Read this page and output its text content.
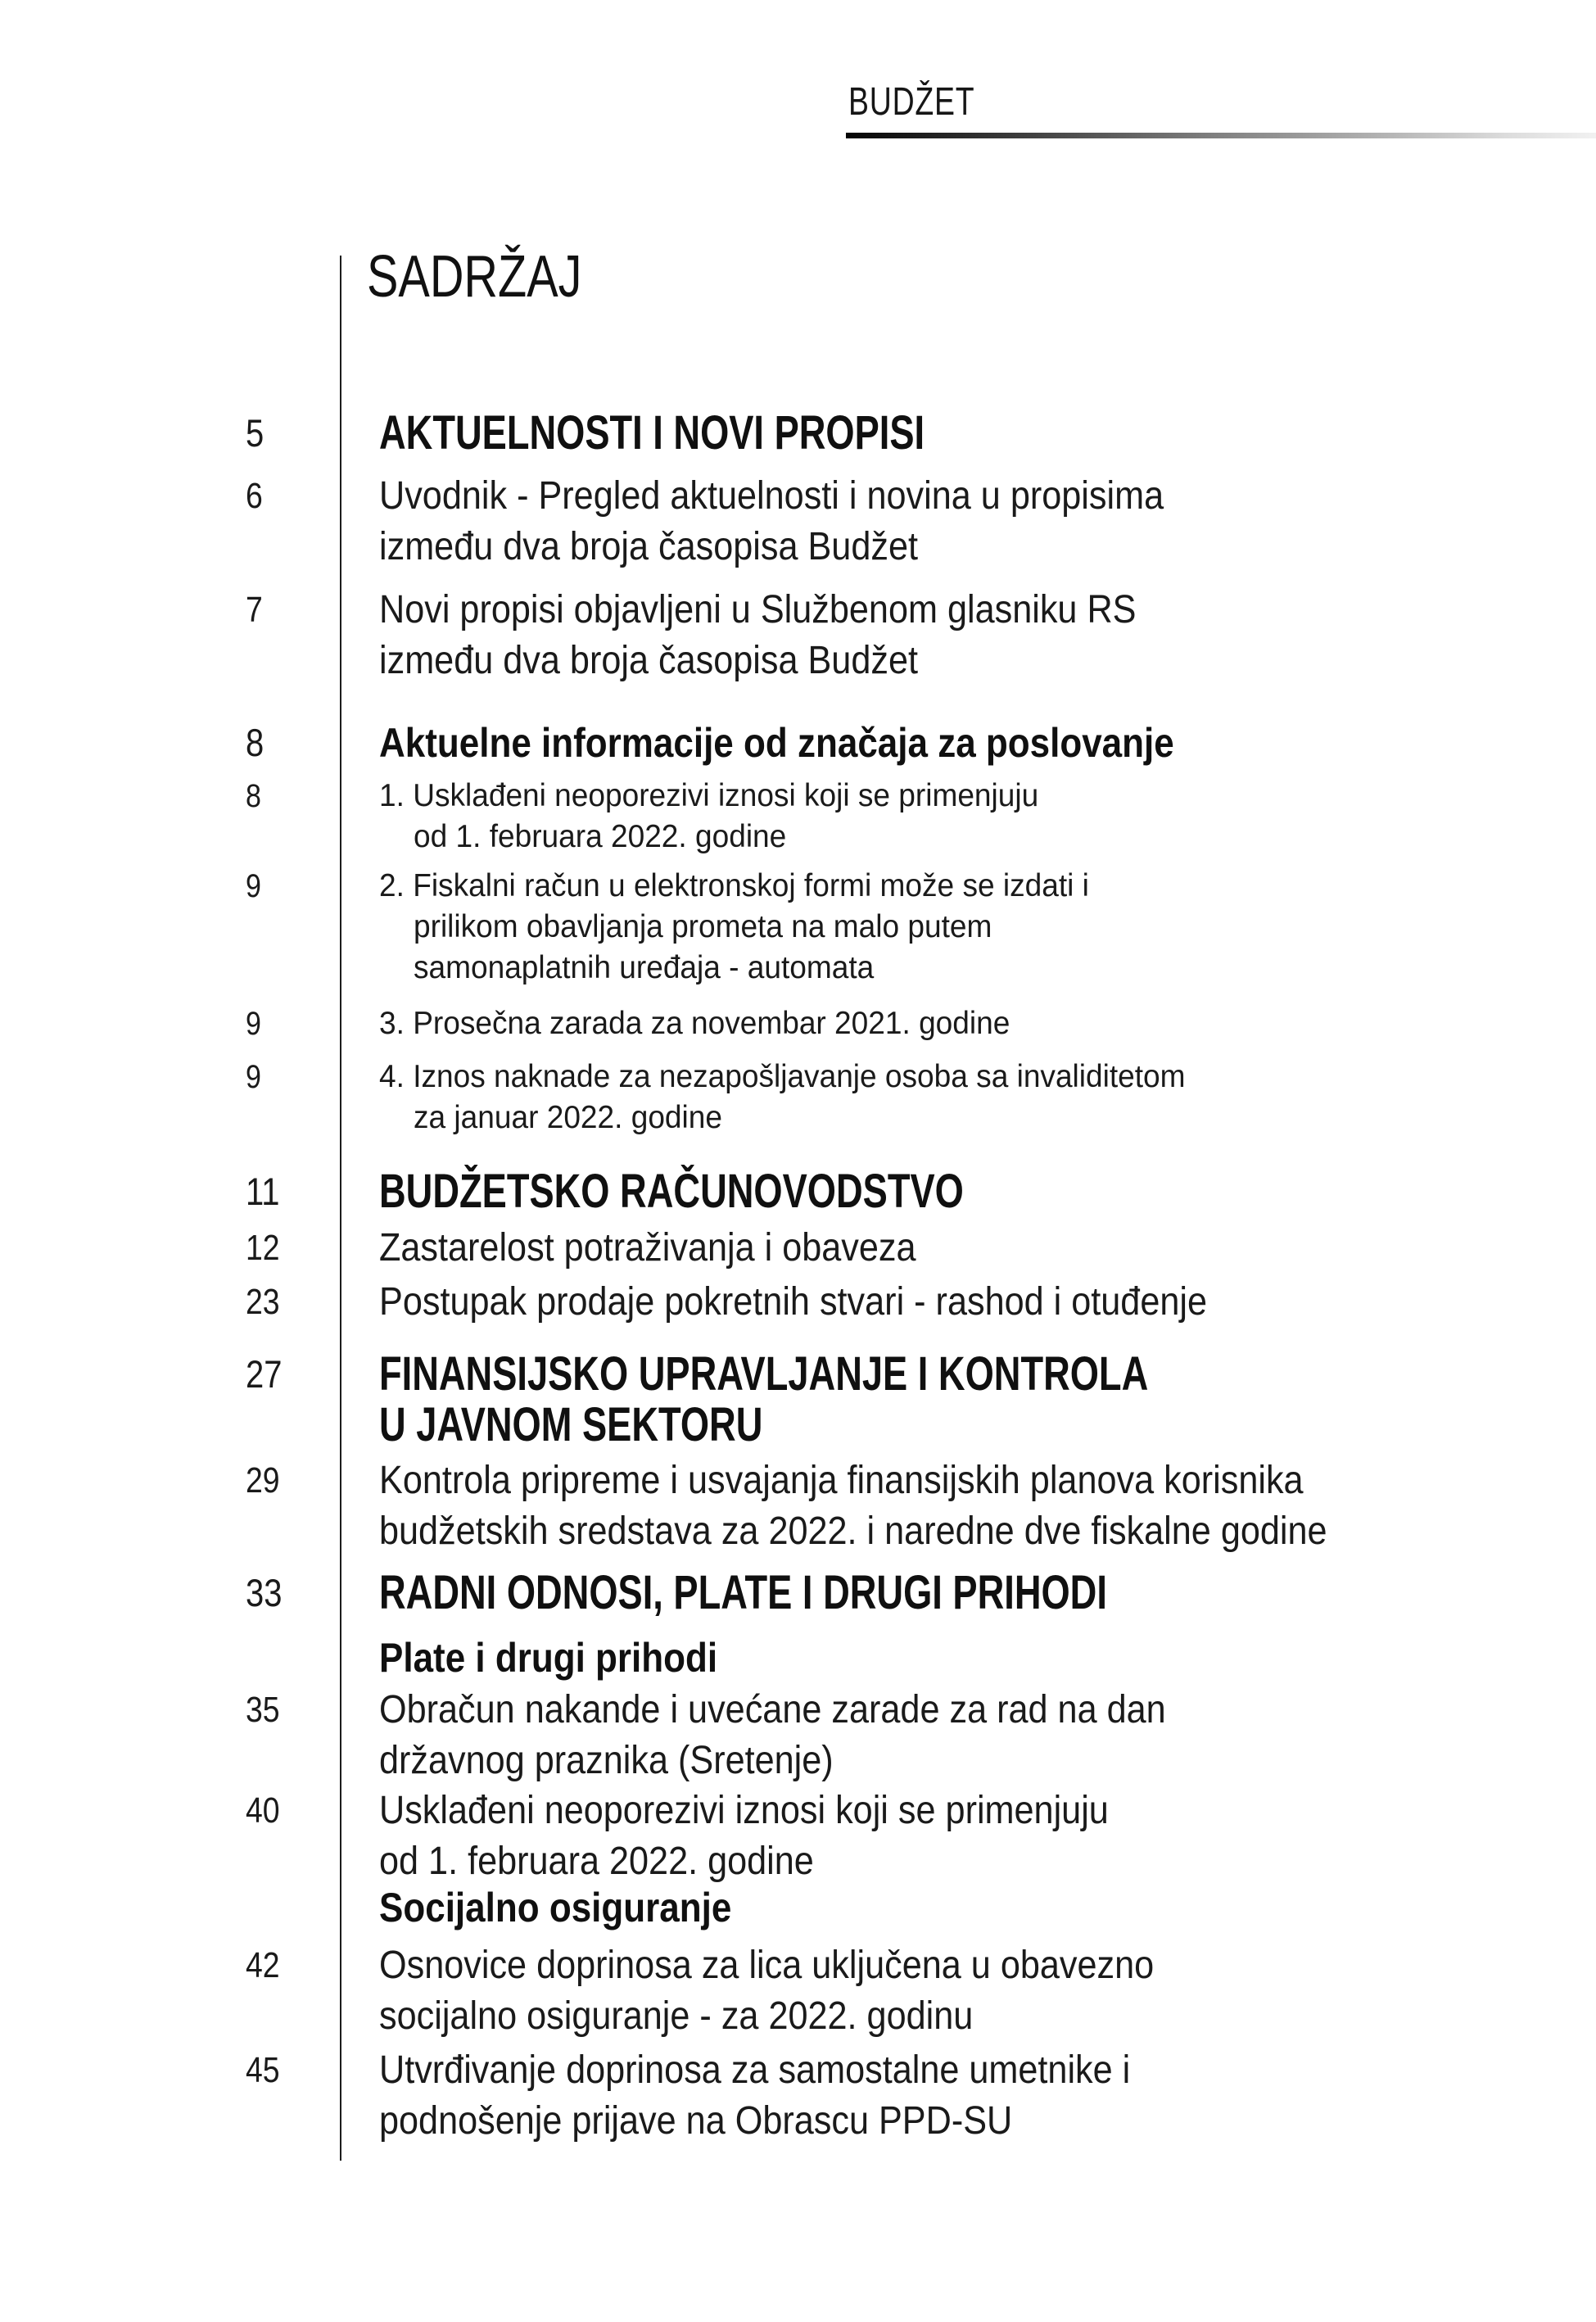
BUDŽET
SADRŽAJ
5 AKTUELNOSTI I NOVI PROPISI
6	Uvodnik - Pregled aktuelnosti i novina u propisima
između dva broja časopisa Budžet
7	Novi propisi objavljeni u Službenom glasniku RS
između dva broja časopisa Budžet
8	Aktuelne informacije od značaja za poslovanje
8	1. Usklađeni neoporezivi iznosi koji se primenjuju
od 1. februara 2022. godine
9	2. Fiskalni račun u elektronskoj formi može se izdati i
prilikom obavljanja prometa na malo putem
samonaplatnih uređaja - automata
9	3. Prosečna zarada za novembar 2021. godine
9	4. Iznos naknade za nezapošljavanje osoba sa invaliditetom
za januar 2022. godine
11 BUDŽETSKO RAČUNOVODSTVO
12	Zastarelost potraživanja i obaveza
23	Postupak prodaje pokretnih stvari - rashod i otuđenje
27 FINANSIJSKO UPRAVLJANJE I KONTROLA
U JAVNOM SEKTORU
29	Kontrola pripreme i usvajanja finansijskih planova korisnika
budžetskih sredstava za 2022. i naredne dve fiskalne godine
33 RADNI ODNOSI, PLATE I DRUGI PRIHODI
Plate i drugi prihodi
35	Obračun nakande i uvećane zarade za rad na dan
državnog praznika (Sretenje)
40	Usklađeni neoporezivi iznosi koji se primenjuju
od 1. februara 2022. godine
Socijalno osiguranje
42	Osnovice doprinosa za lica uključena u obavezno
socijalno osiguranje - za 2022. godinu
45	Utvrđivanje doprinosa za samostalne umetnike i
podnošenje prijave na Obrascu PPD-SU
